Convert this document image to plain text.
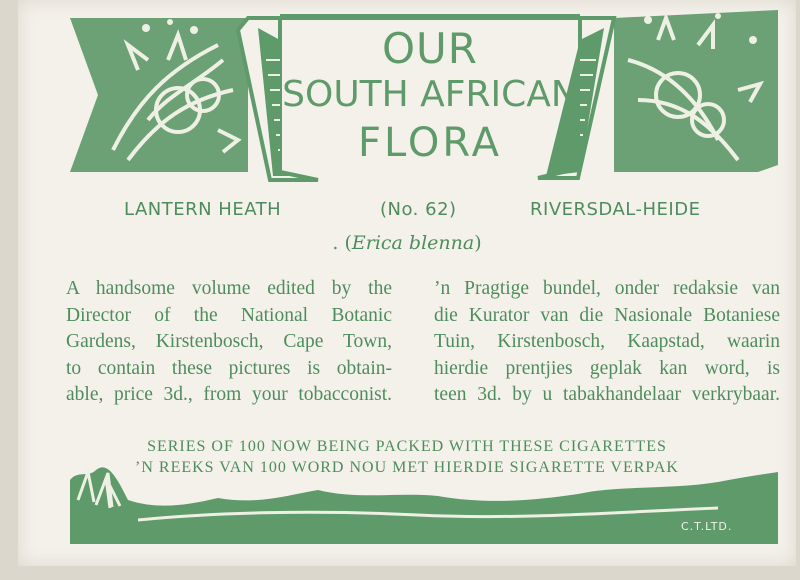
OUR
SOUTH AFRICAN
FLORA
LANTERN HEATH	(No. 62)	RIVERSDAL-HEIDE
. (Erica blenna)
A handsome volume edited by the
Director of the National Botanic
Gardens, Kirstenbosch, Cape Town,
to contain these pictures is obtain-
able, price 3d., from your tobacconist.
’n Pragtige bundel, onder redaksie van
die Kurator van die Nasionale Botaniese
Tuin, Kirstenbosch, Kaapstad, waarin
hierdie prentjies geplak kan word, is
teen 3d. by u tabakhandelaar verkrybaar.
SERIES OF 100 NOW BEING PACKED WITH THESE CIGARETTES
’N REEKS VAN 100 WORD NOU MET HIERDIE SIGARETTE VERPAK
C.T.LTD.
